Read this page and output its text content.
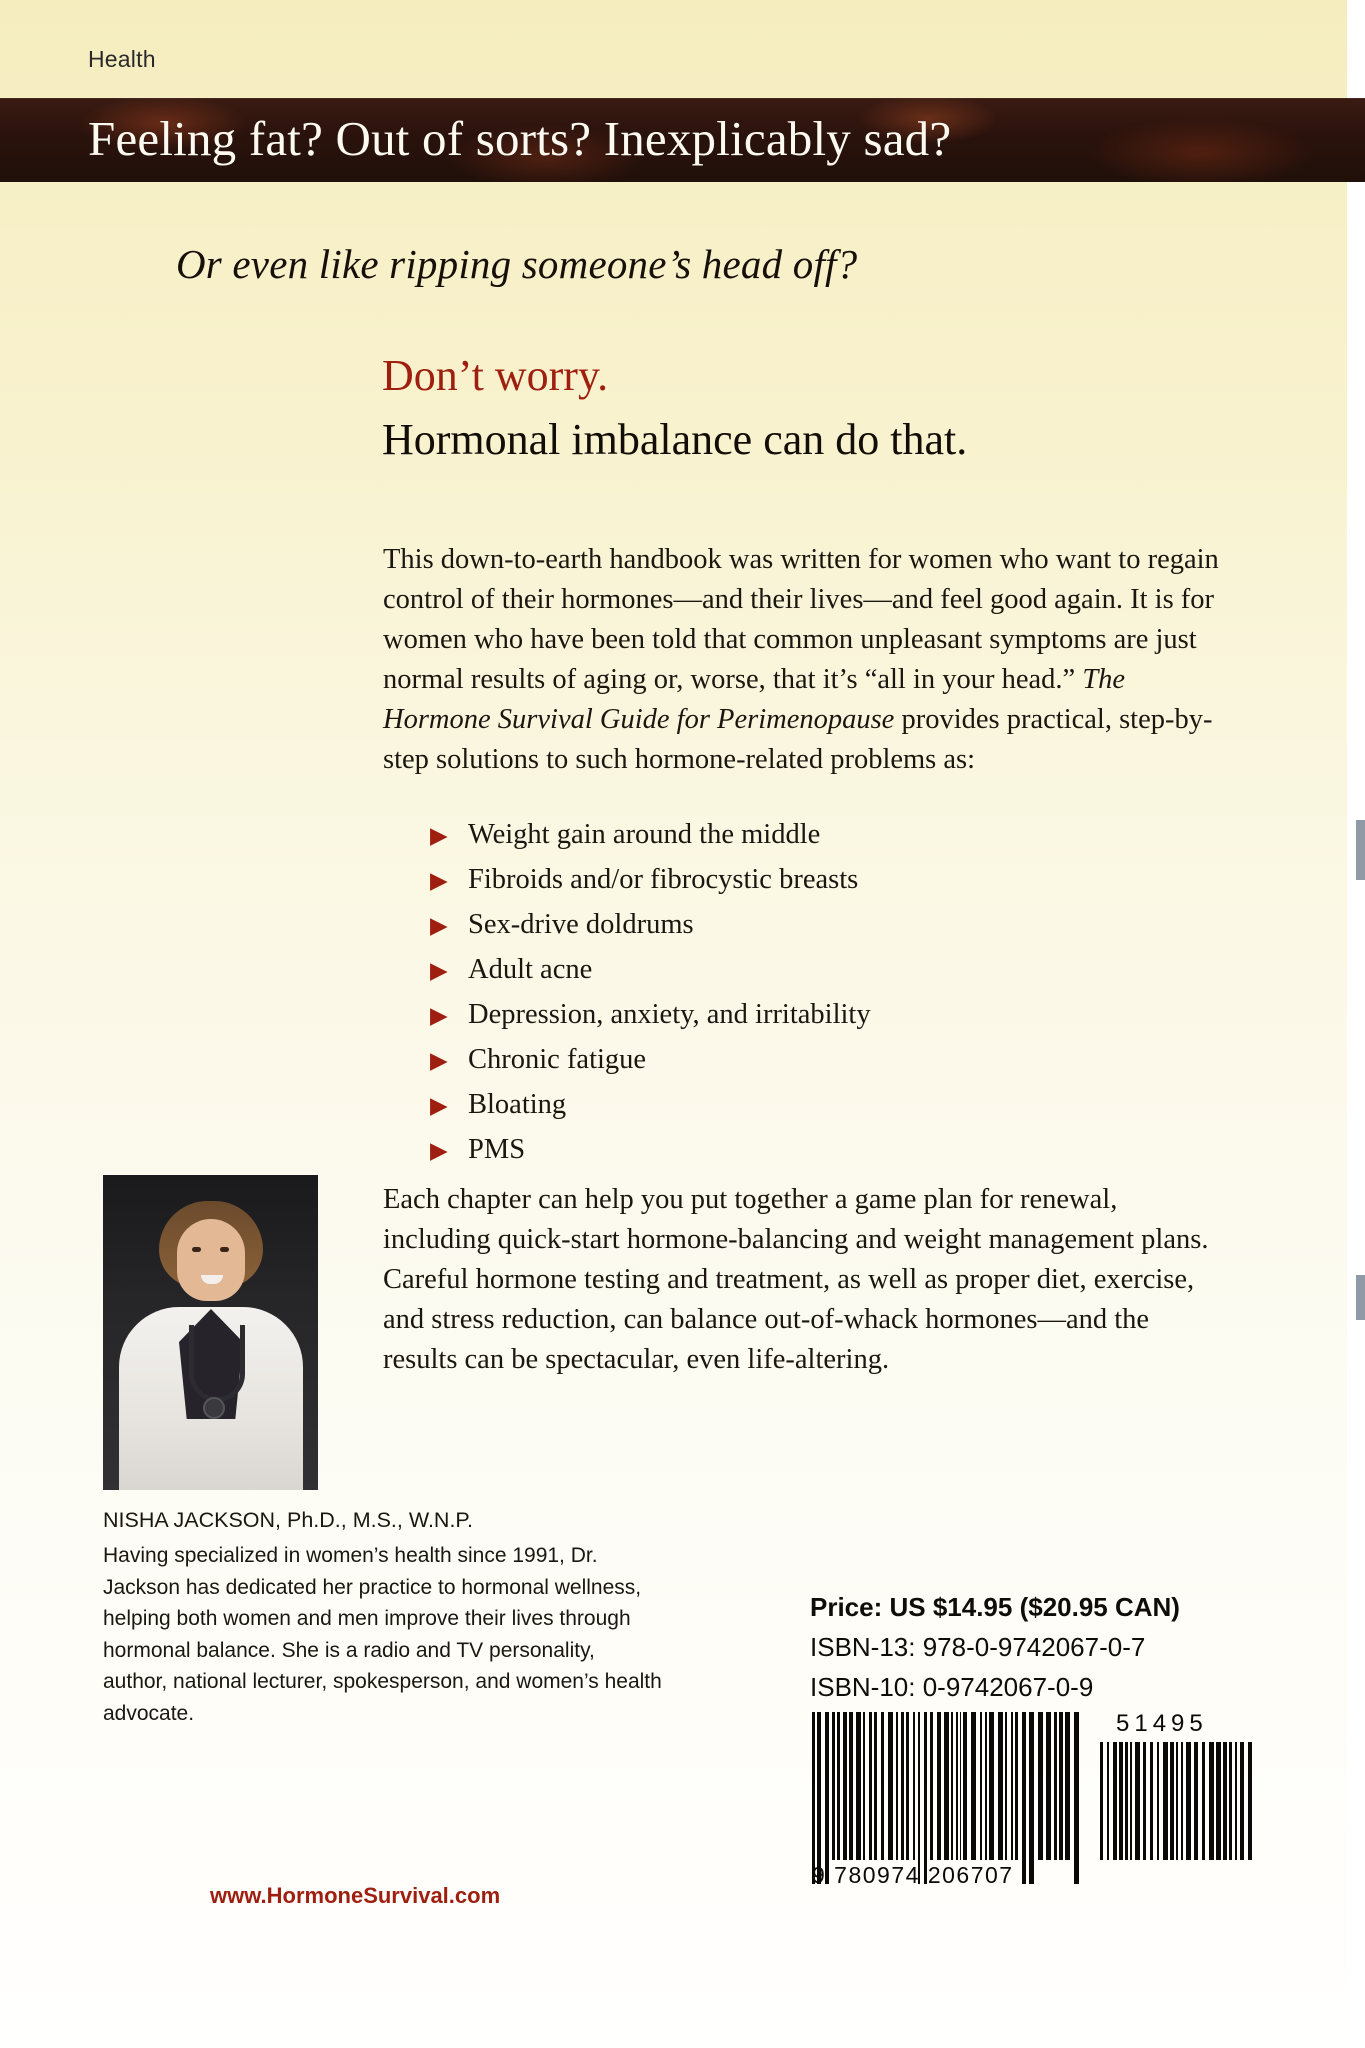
Health
Feeling fat? Out of sorts? Inexplicably sad?
Or even like ripping someone’s head off?
Don’t worry.
Hormonal imbalance can do that.
This down-to-earth handbook was written for women who want to regain control of their hormones—and their lives—and feel good again. It is for women who have been told that common unpleasant symptoms are just normal results of aging or, worse, that it’s “all in your head.” The Hormone Survival Guide for Perimenopause provides practical, step-by-step solutions to such hormone-related problems as:
▶ Weight gain around the middle
▶ Fibroids and/or fibrocystic breasts
▶ Sex-drive doldrums
▶ Adult acne
▶ Depression, anxiety, and irritability
▶ Chronic fatigue
▶ Bloating
▶ PMS
Each chapter can help you put together a game plan for renewal, including quick-start hormone-balancing and weight management plans. Careful hormone testing and treatment, as well as proper diet, exercise, and stress reduction, can balance out-of-whack hormones—and the results can be spectacular, even life-altering.
NISHA JACKSON, Ph.D., M.S., W.N.P.
Having specialized in women’s health since 1991, Dr. Jackson has dedicated her practice to hormonal wellness, helping both women and men improve their lives through hormonal balance. She is a radio and TV personality, author, national lecturer, spokesperson, and women’s health advocate.
www.HormoneSurvival.com
Price: US $14.95 ($20.95 CAN)
ISBN-13: 978-0-9742067-0-7
ISBN-10: 0-9742067-0-9
9 780974 206707
51495
